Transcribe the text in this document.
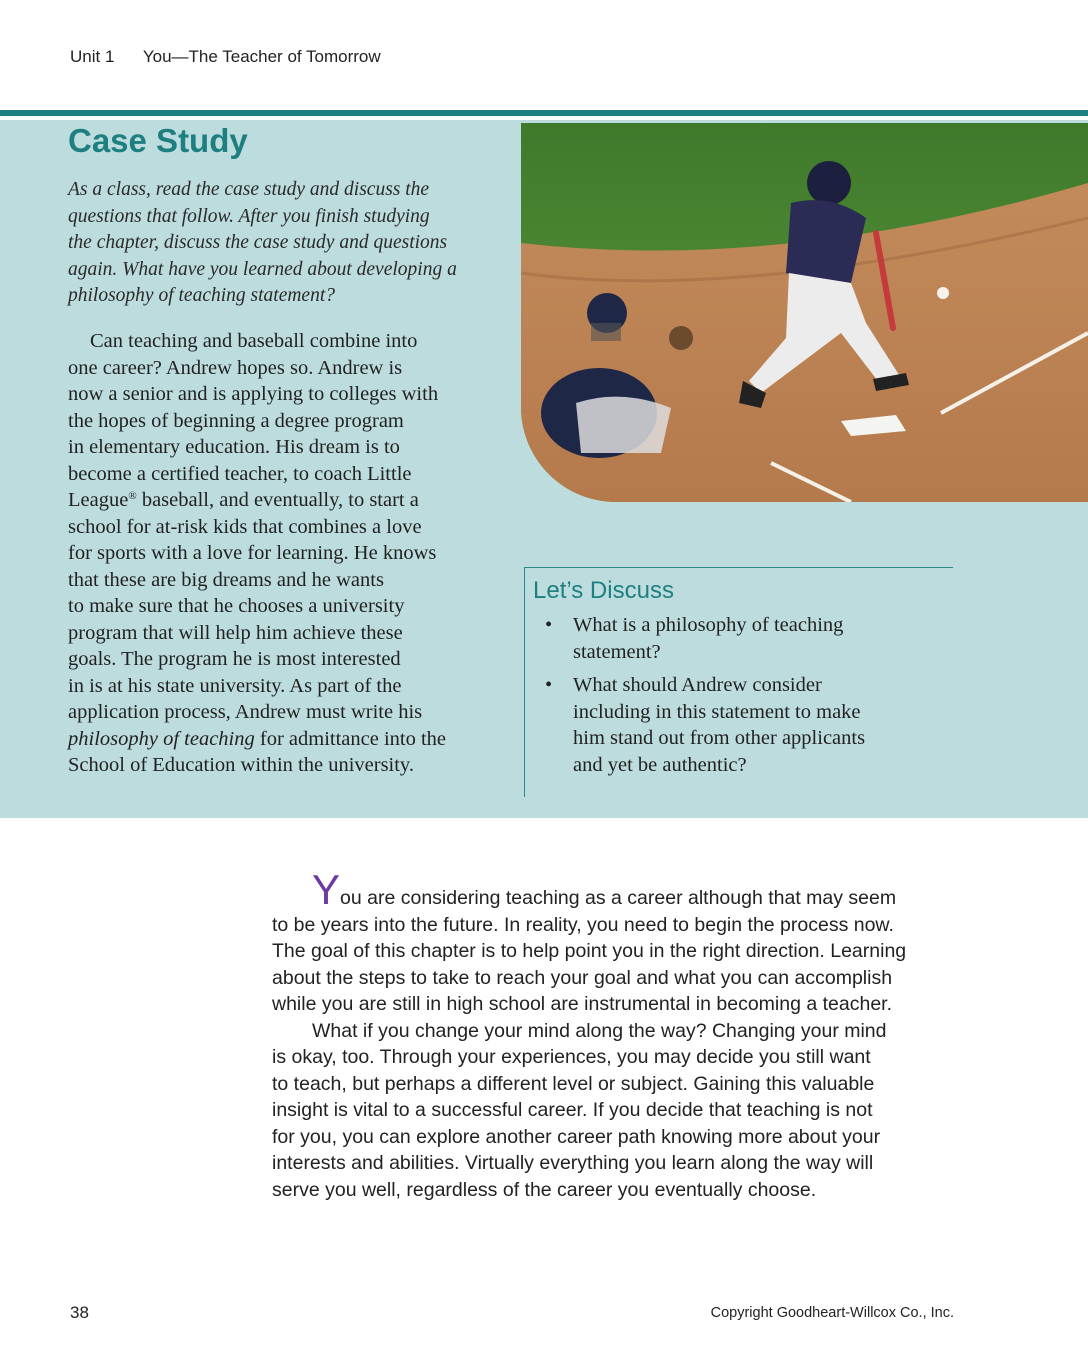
Unit 1 You—The Teacher of Tomorrow
Case Study

As a class, read the case study and discuss the
questions that follow. After you finish studying
the chapter, discuss the case study and questions
again. What have you learned about developing a
philosophy of teaching statement?

Can teaching and baseball combine into
one career? Andrew hopes so. Andrew is
now a senior and is applying to colleges with
the hopes of beginning a degree program
in elementary education. His dream is to
become a certified teacher, to coach Little
League® baseball, and eventually, to start a
school for at-risk kids that combines a love
for sports with a love for learning. He knows
that these are big dreams and he wants
to make sure that he chooses a university
program that will help him achieve these
goals. The program he is most interested
in is at his state university. As part of the
application process, Andrew must write his
philosophy of teaching for admittance into the
School of Education within the university.

Let’s Discuss
• What is a philosophy of teaching
statement?
• What should Andrew consider
including in this statement to make
him stand out from other applicants
and yet be authentic?

You are considering teaching as a career although that may seem
to be years into the future. In reality, you need to begin the process now.
The goal of this chapter is to help point you in the right direction. Learning
about the steps to take to reach your goal and what you can accomplish
while you are still in high school are instrumental in becoming a teacher.

What if you change your mind along the way? Changing your mind
is okay, too. Through your experiences, you may decide you still want
to teach, but perhaps a different level or subject. Gaining this valuable
insight is vital to a successful career. If you decide that teaching is not
for you, you can explore another career path knowing more about your
interests and abilities. Virtually everything you learn along the way will
serve you well, regardless of the career you eventually choose.

38	Copyright Goodheart-Willcox Co., Inc.
